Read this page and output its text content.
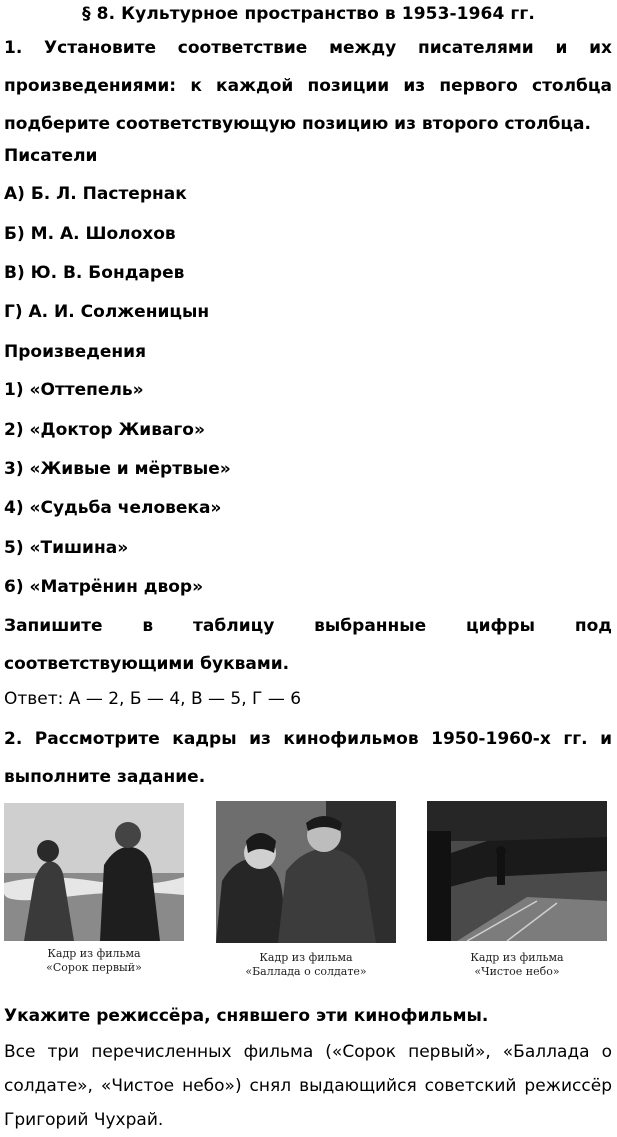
§ 8. Культурное пространство в 1953-1964 гг.
1. Установите соответствие между писателями и их произведениями: к каждой позиции из первого столбца подберите соответствующую позицию из второго столбца.
Писатели
А) Б. Л. Пастернак
Б) М. А. Шолохов
В) Ю. В. Бондарев
Г) А. И. Солженицын
Произведения
1) «Оттепель»
2) «Доктор Живаго»
3) «Живые и мёртвые»
4) «Судьба человека»
5) «Тишина»
6) «Матрёнин двор»
Запишите в таблицу выбранные цифры под соответствующими буквами.
Ответ: А — 2, Б — 4, В — 5, Г — 6
2. Рассмотрите кадры из кинофильмов 1950-1960-х гг. и выполните задание.
Кадр из фильма
«Сорок первый»
Кадр из фильма
«Баллада о солдате»
Кадр из фильма
«Чистое небо»
Укажите режиссёра, снявшего эти кинофильмы.
Все три перечисленных фильма («Сорок первый», «Баллада о солдате», «Чистое небо») снял выдающийся советский режиссёр Григорий Чухрай.
